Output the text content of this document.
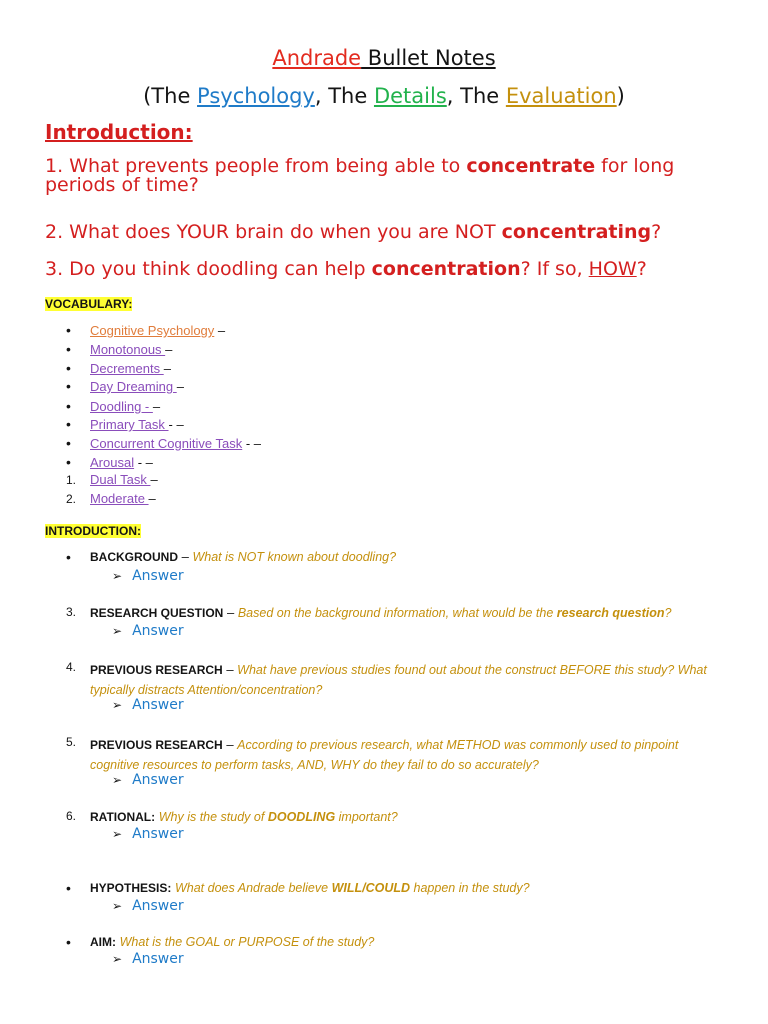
Andrade Bullet Notes
(The Psychology, The Details, The Evaluation)
Introduction:
1. What prevents people from being able to concentrate for long periods of time?
2. What does YOUR brain do when you are NOT concentrating?
3. Do you think doodling can help concentration? If so, HOW?
VOCABULARY:
• Cognitive Psychology –
• Monotonous –
• Decrements –
• Day Dreaming –
• Doodling - –
• Primary Task - –
• Concurrent Cognitive Task - –
• Arousal - –
1. Dual Task –
2. Moderate –
INTRODUCTION:
• BACKGROUND – What is NOT known about doodling?
➢ Answer
3. RESEARCH QUESTION – Based on the background information, what would be the research question?
➢ Answer
4. PREVIOUS RESEARCH – What have previous studies found out about the construct BEFORE this study? What typically distracts Attention/concentration?
➢ Answer
5. PREVIOUS RESEARCH – According to previous research, what METHOD was commonly used to pinpoint cognitive resources to perform tasks, AND, WHY do they fail to do so accurately?
➢ Answer
6. RATIONAL: Why is the study of DOODLING important?
➢ Answer
• HYPOTHESIS: What does Andrade believe WILL/COULD happen in the study?
➢ Answer
• AIM: What is the GOAL or PURPOSE of the study?
➢ Answer
